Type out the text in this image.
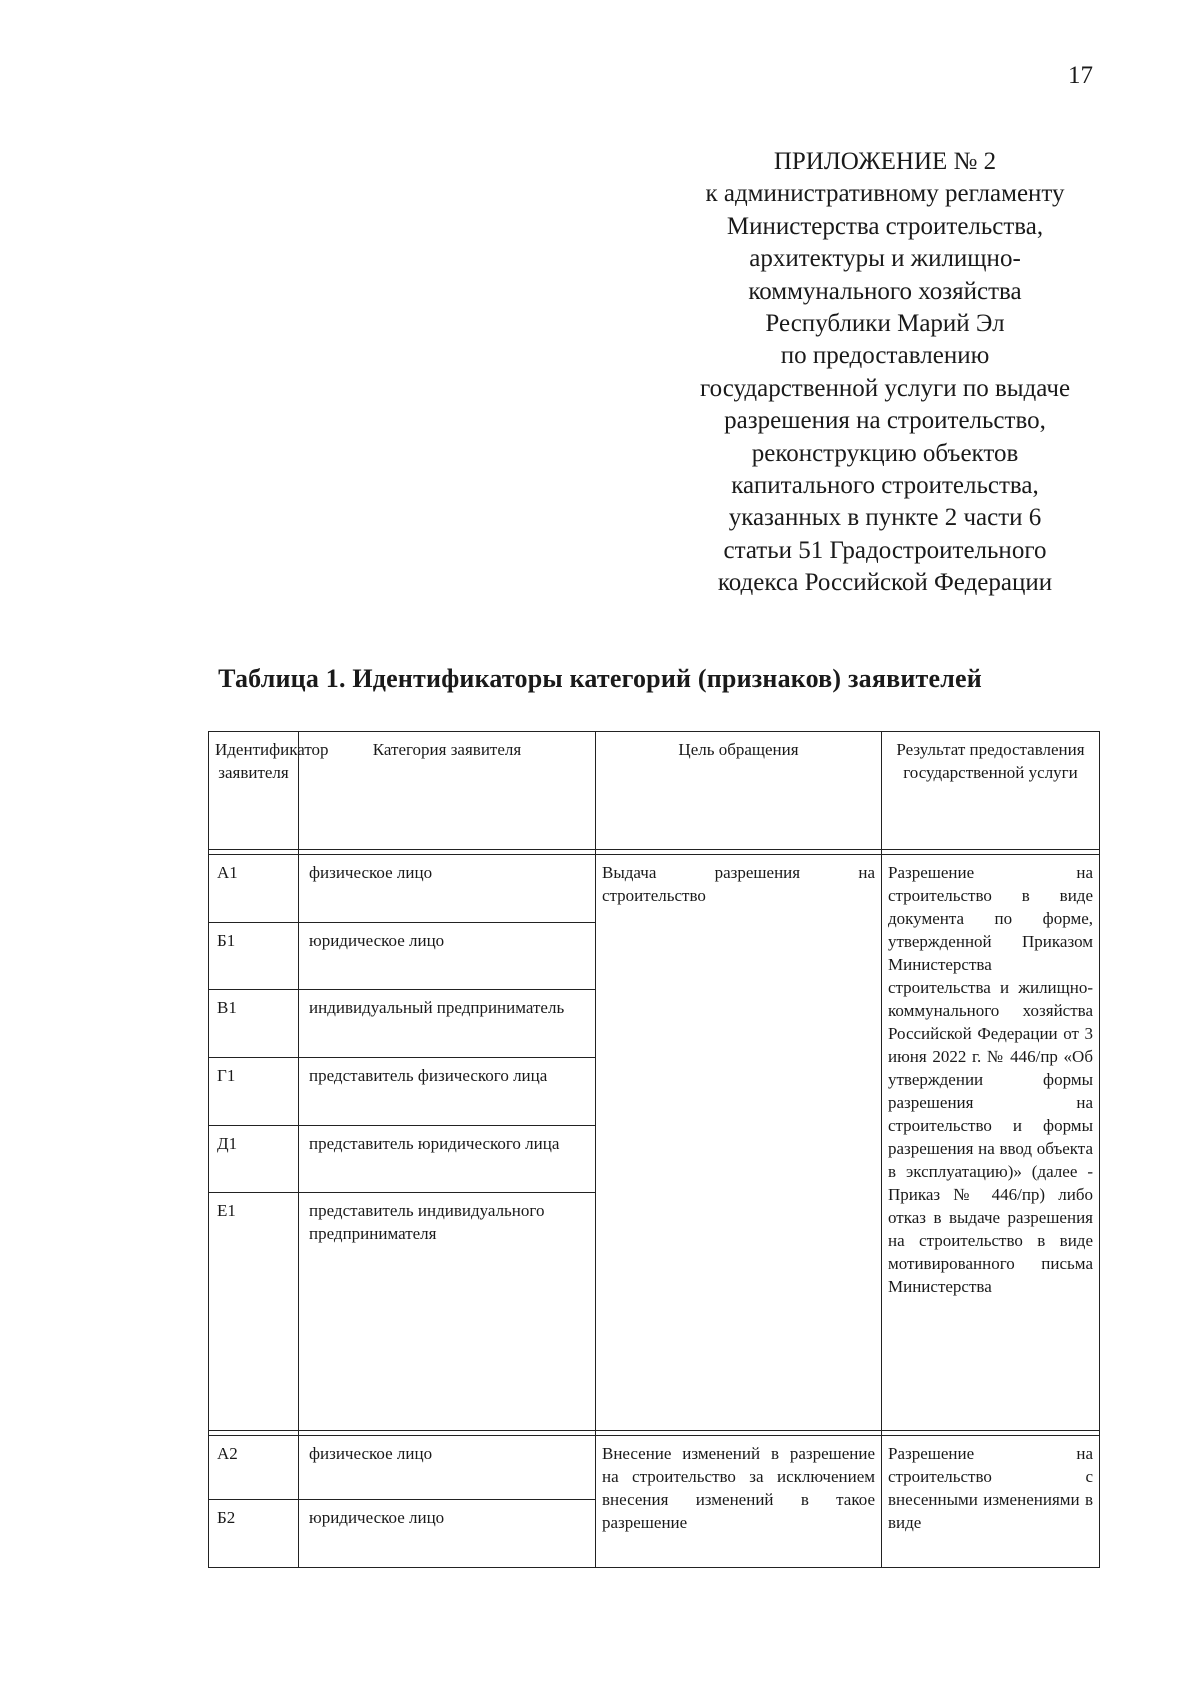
17
ПРИЛОЖЕНИЕ № 2
к административному регламенту
Министерства строительства,
архитектуры и жилищно-
коммунального хозяйства
Республики Марий Эл
по предоставлению
государственной услуги по выдаче
разрешения на строительство,
реконструкцию объектов
капитального строительства,
указанных в пункте 2 части 6
статьи 51 Градостроительного
кодекса Российской Федерации
Таблица 1. Идентификаторы категорий (признаков) заявителей
Идентификатор заявителя	Категория заявителя	Цель обращения	Результат предоставления государственной услуги

А1	физическое лицо	Выдача разрешения на строительство	Разрешение на строительство в виде документа по форме, утвержденной Приказом Министерства строительства и жилищно-коммунального хозяйства Российской Федерации от 3 июня 2022 г. № 446/пр «Об утверждении формы разрешения на строительство и формы разрешения на ввод объекта в эксплуатацию)» (далее - Приказ № 446/пр) либо отказ в выдаче разрешения на строительство в виде мотивированного письма Министерства
Б1	юридическое лицо		
В1	индивидуальный предприниматель		
Г1	представитель физического лица		
Д1	представитель юридического лица		
Е1	представитель индивидуального предпринимателя		

А2	физическое лицо	Внесение изменений в разрешение на строительство за исключением внесения изменений в такое разрешение	Разрешение на строительство с внесенными изменениями в виде
Б2	юридическое лицо		
